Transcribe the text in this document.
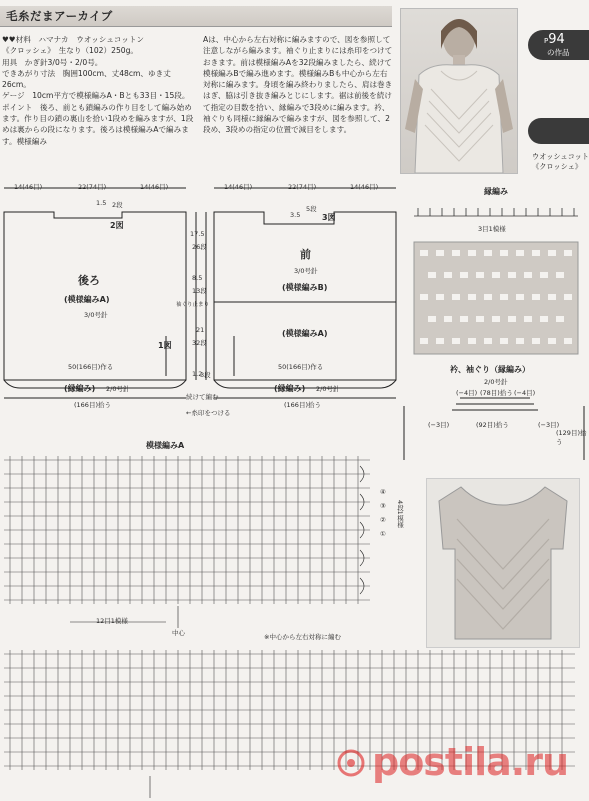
毛糸だまアーカイブ
♥♥材料　ハマナカ　ウオッシュコットン
《クロッシェ》　生なり（102）250g。
用具　かぎ針3/0号・2/0号。
できあがり寸法　胸囲100cm、丈48cm、ゆき丈26cm。
ゲージ　10cm平方で模様編みA・Bとも33目・15段。
ポイント　後ろ、前とも鎖編みの作り目をして編み始めます。作り目の鎖の裏山を拾い1段めを編みますが、1段めは裏からの段になります。後ろは模様編みAで編みます。模様編み
Aは、中心から左右対称に編みますので、図を参照して注意しながら編みます。袖ぐり止まりには糸印をつけておきます。前は模様編みAを32段編みましたら、続けて模様編みBで編み進めます。模様編みBも中心から左右対称に編みます。身頃を編み終わりましたら、肩は巻きはぎ、脇は引き抜き編みとじにします。裾は前後を続けて指定の目数を拾い、縁編みで3段めに編みます。衿、袖ぐりも同様に縁編みで編みますが、図を参照して、2段め、3段めの指定の位置で減目をします。
P94
の作品
ウオッシュコット
《クロッシェ》
14(46目)	22(74目)	14(46目)
1.5 2段
2図
後ろ
(模様編みA)
3/0号針
1図
50(166目)作る
(縁編み) 2/0号針
(166目)拾う
14(46目)	22(74目)	14(46目)
3.5
5段
3図
前
3/0号針
(模様編みB)
(模様編みA)
50(166目)作る
(縁編み) 2/0号針
(166目)拾う
17.5
26段
8.5
13段
袖ぐり止まり
21
32段
1.2
3段
続けて編む
←糸印をつける
縁編み
3目1模様
衿、袖ぐり（縁編み）
2/0号針
(−4目) (78目)拾う (−4目)
(−3目)	(92目)拾う	(−3目)
(129目)拾う
模様編みA
12目1模様
中心	※中心から左右対称に編む
④
③
②
①
4段1模様
postila.ru
